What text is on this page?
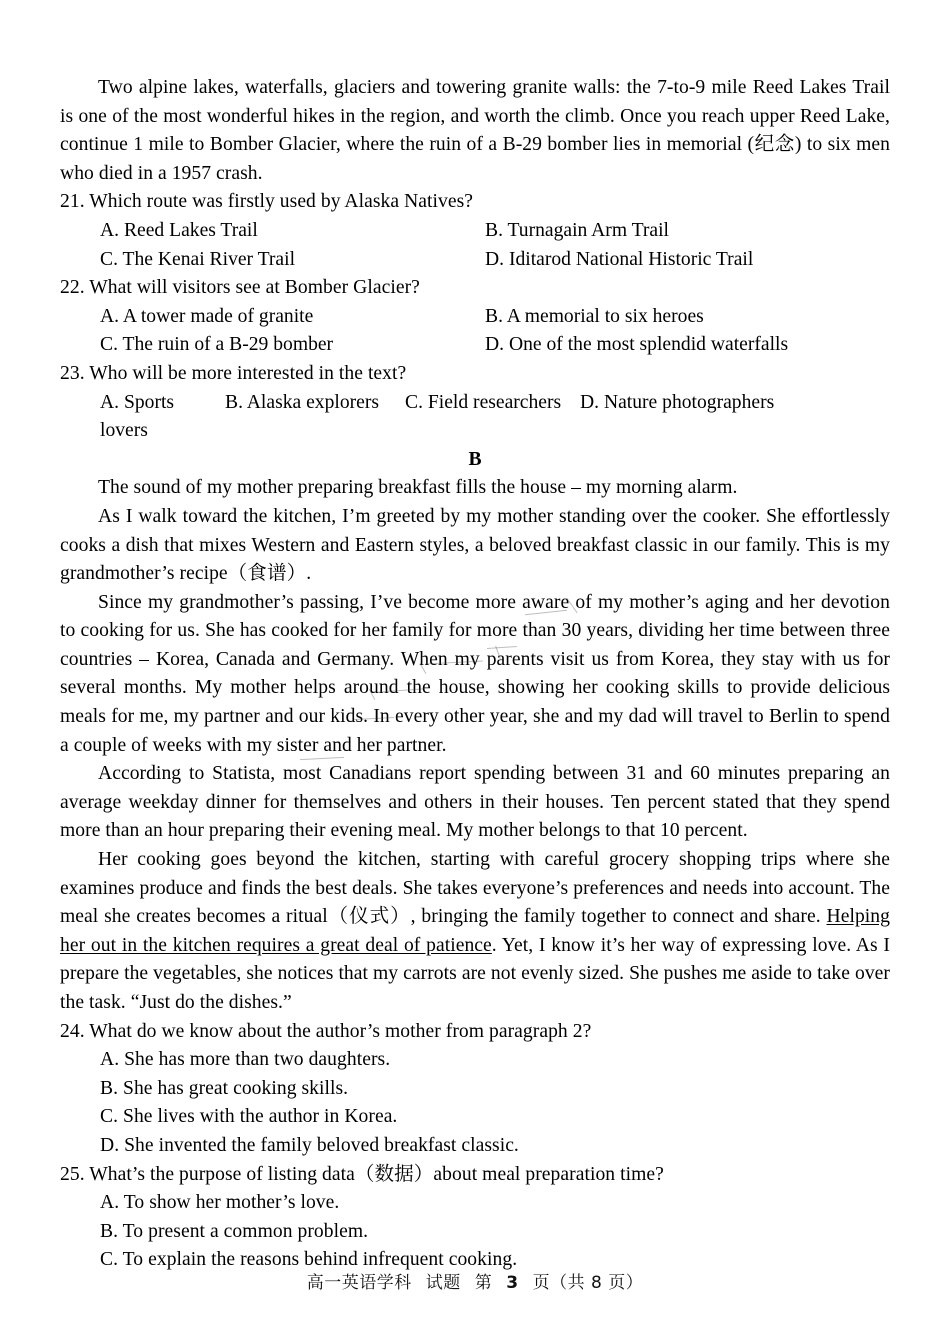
Two alpine lakes, waterfalls, glaciers and towering granite walls: the 7-to-9 mile Reed Lakes Trail is one of the most wonderful hikes in the region, and worth the climb. Once you reach upper Reed Lake, continue 1 mile to Bomber Glacier, where the ruin of a B-29 bomber lies in memorial (纪念) to six men who died in a 1957 crash.

21. Which route was firstly used by Alaska Natives?

A. Reed Lakes Trail	B. Turnagain Arm Trail
C. The Kenai River Trail	D. Iditarod National Historic Trail

22. What will visitors see at Bomber Glacier?

A. A tower made of granite	B. A memorial to six heroes
C. The ruin of a B-29 bomber	D. One of the most splendid waterfalls

23. Who will be more interested in the text?

A. Sports lovers
B. Alaska explorers	C. Field researchers D. Nature photographers

B

The sound of my mother preparing breakfast fills the house – my morning alarm.

As I walk toward the kitchen, I’m greeted by my mother standing over the cooker. She effortlessly cooks a dish that mixes Western and Eastern styles, a beloved breakfast classic in our family. This is my grandmother’s recipe（食谱）.

Since my grandmother’s passing, I’ve become more aware of my mother’s aging and her devotion to cooking for us. She has cooked for her family for more than 30 years, dividing her time between three countries – Korea, Canada and Germany. When my parents visit us from Korea, they stay with us for several months. My mother helps around the house, showing her cooking skills to provide delicious meals for me, my partner and our kids. In every other year, she and my dad will travel to Berlin to spend a couple of weeks with my sister and her partner.

According to Statista, most Canadians report spending between 31 and 60 minutes preparing an average weekday dinner for themselves and others in their houses. Ten percent stated that they spend more than an hour preparing their evening meal. My mother belongs to that 10 percent.

Her cooking goes beyond the kitchen, starting with careful grocery shopping trips where she examines produce and finds the best deals. She takes everyone’s preferences and needs into account. The meal she creates becomes a ritual（仪式）, bringing the family together to connect and share. Helping her out in the kitchen requires a great deal of patience. Yet, I know it’s her way of expressing love. As I prepare the vegetables, she notices that my carrots are not evenly sized. She pushes me aside to take over the task. “Just do the dishes.”

24. What do we know about the author’s mother from paragraph 2?

A. She has more than two daughters.

B. She has great cooking skills.

C. She lives with the author in Korea.

D. She invented the family beloved breakfast classic.

25. What’s the purpose of listing data（数据）about meal preparation time?

A. To show her mother’s love.

B. To present a common problem.

C. To explain the reasons behind infrequent cooking.

高一英语学科 试题 第 3 页（共 8 页）
